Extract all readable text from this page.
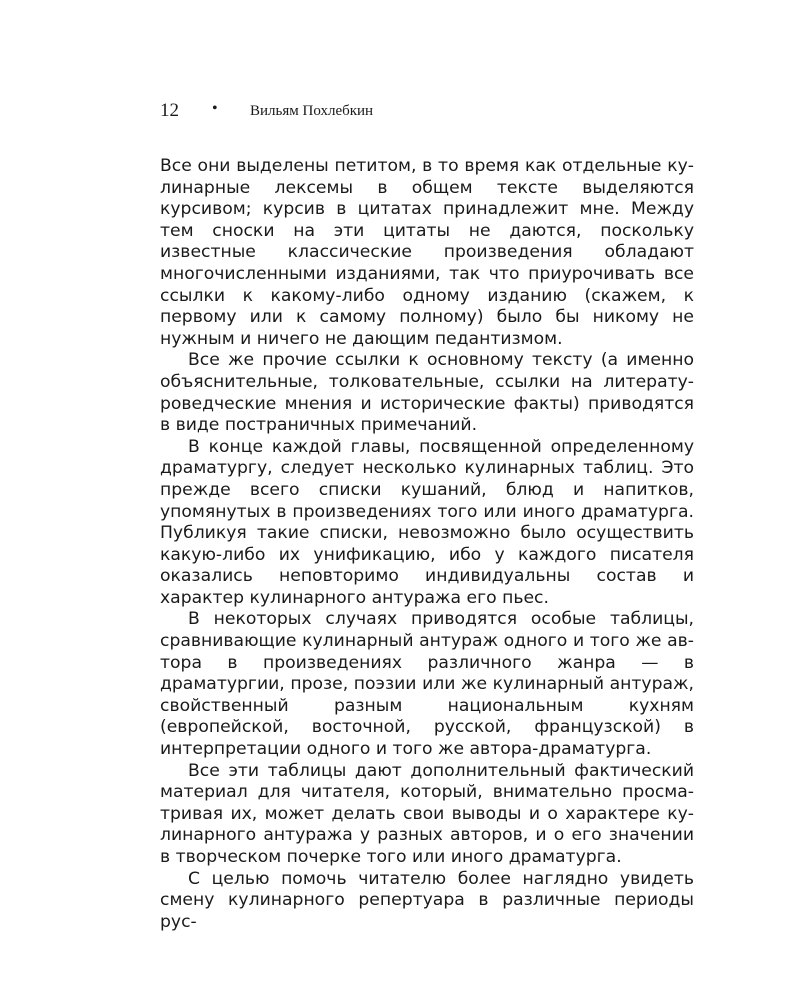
12 • Вильям Похлебкин

Все они выделены петитом, в то время как отдельные кулинарные лексемы в общем тексте выделяются курсивом; курсив в цитатах принадлежит мне. Между тем сноски на эти цитаты не даются, поскольку известные классические произведения обладают многочисленными изданиями, так что приурочивать все ссылки к какому-либо одному изданию (скажем, к первому или к самому полному) было бы никому не нужным и ничего не дающим педантизмом.

Все же прочие ссылки к основному тексту (а именно объяснительные, толковательные, ссылки на литературоведческие мнения и исторические факты) приводятся в виде постраничных примечаний.

В конце каждой главы, посвященной определенному драматургу, следует несколько кулинарных таблиц. Это прежде всего списки кушаний, блюд и напитков, упомянутых в произведениях того или иного драматурга. Публикуя такие списки, невозможно было осуществить какую-либо их унификацию, ибо у каждого писателя оказались неповторимо индивидуальны состав и характер кулинарного антуража его пьес.

В некоторых случаях приводятся особые таблицы, сравнивающие кулинарный антураж одного и того же автора в произведениях различного жанра — в драматургии, прозе, поэзии или же кулинарный антураж, свойственный разным национальным кухням (европейской, восточной, русской, французской) в интерпретации одного и того же автора-драматурга.

Все эти таблицы дают дополнительный фактический материал для читателя, который, внимательно просматривая их, может делать свои выводы и о характере кулинарного антуража у разных авторов, и о его значении в творческом почерке того или иного драматурга.

С целью помочь читателю более наглядно увидеть смену кулинарного репертуара в различные периоды рус-
